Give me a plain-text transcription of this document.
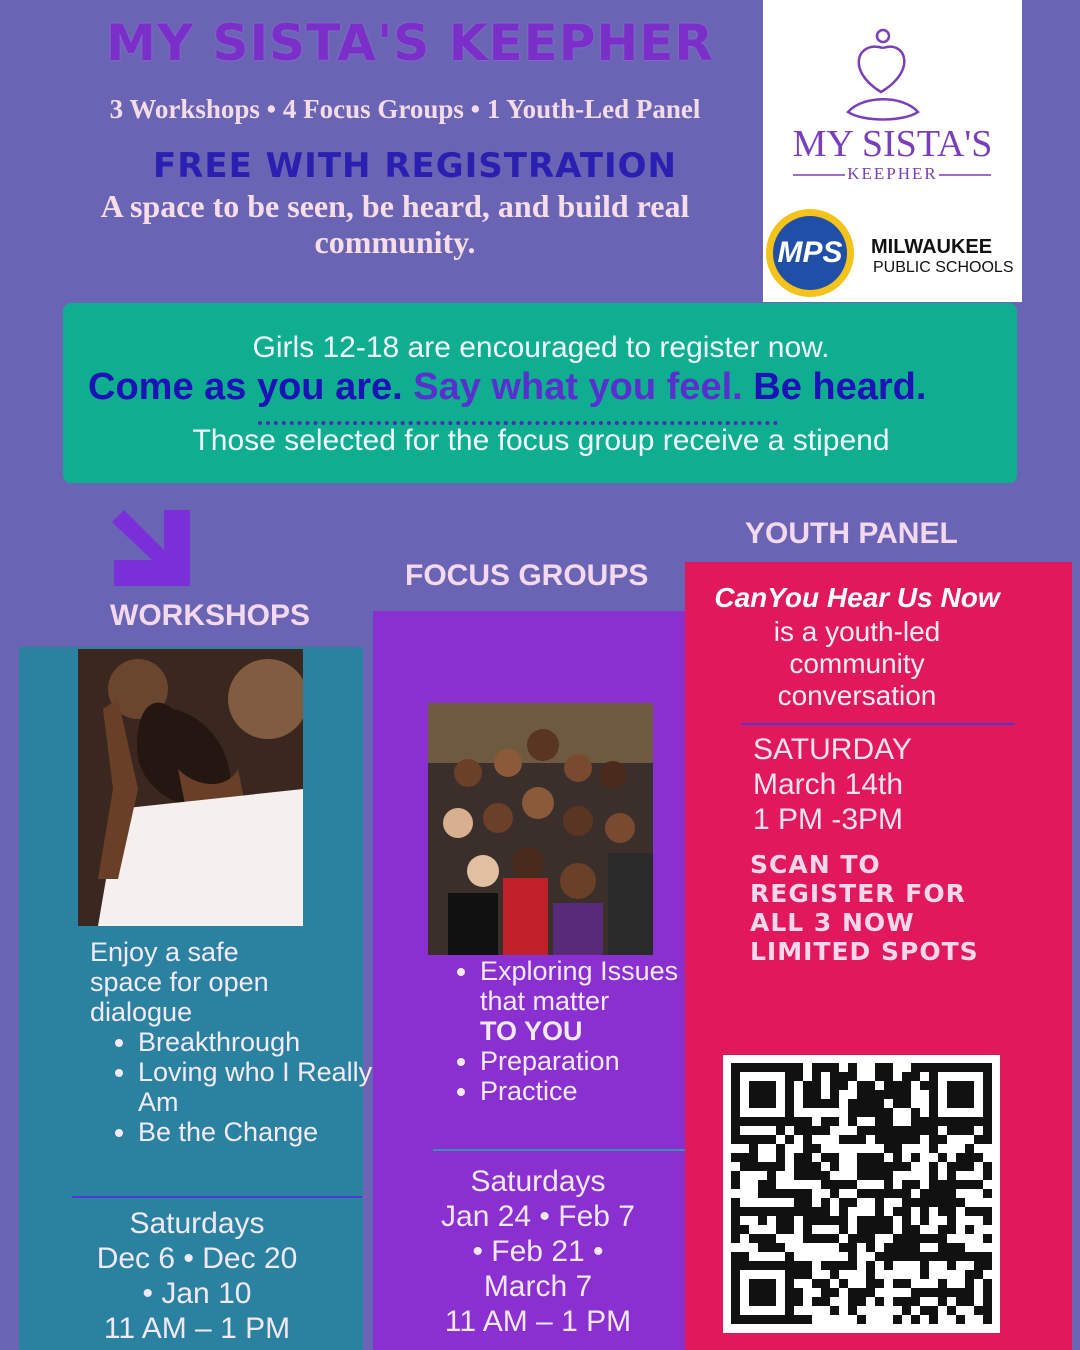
MY SISTA'S KEEPHER
3 Workshops • 4 Focus Groups • 1 Youth-Led Panel
FREE WITH REGISTRATION
A space to be seen, be heard, and build real community.
MY SISTA'S
KEEPHER
MPS	MILWAUKEE
PUBLIC SCHOOLS
Girls 12-18 are encouraged to register now.
Come as you are. Say what you feel. Be heard.
Those selected for the focus group receive a stipend
WORKSHOPS
FOCUS GROUPS
YOUTH PANEL
Enjoy a safe space for open dialogue
• Breakthrough
• Loving who I Really Am
• Be the Change
Saturdays
Dec 6 • Dec 20
• Jan 10
11 AM – 1 PM
• Exploring Issues that matter
TO YOU
• Preparation
• Practice
Saturdays
Jan 24 • Feb 7
• Feb 21 •
March 7
11 AM – 1 PM
CanYou Hear Us Now
is a youth-led community conversation
SATURDAY
March 14th
1 PM -3PM
SCAN TO REGISTER FOR ALL 3 NOW LIMITED SPOTS
